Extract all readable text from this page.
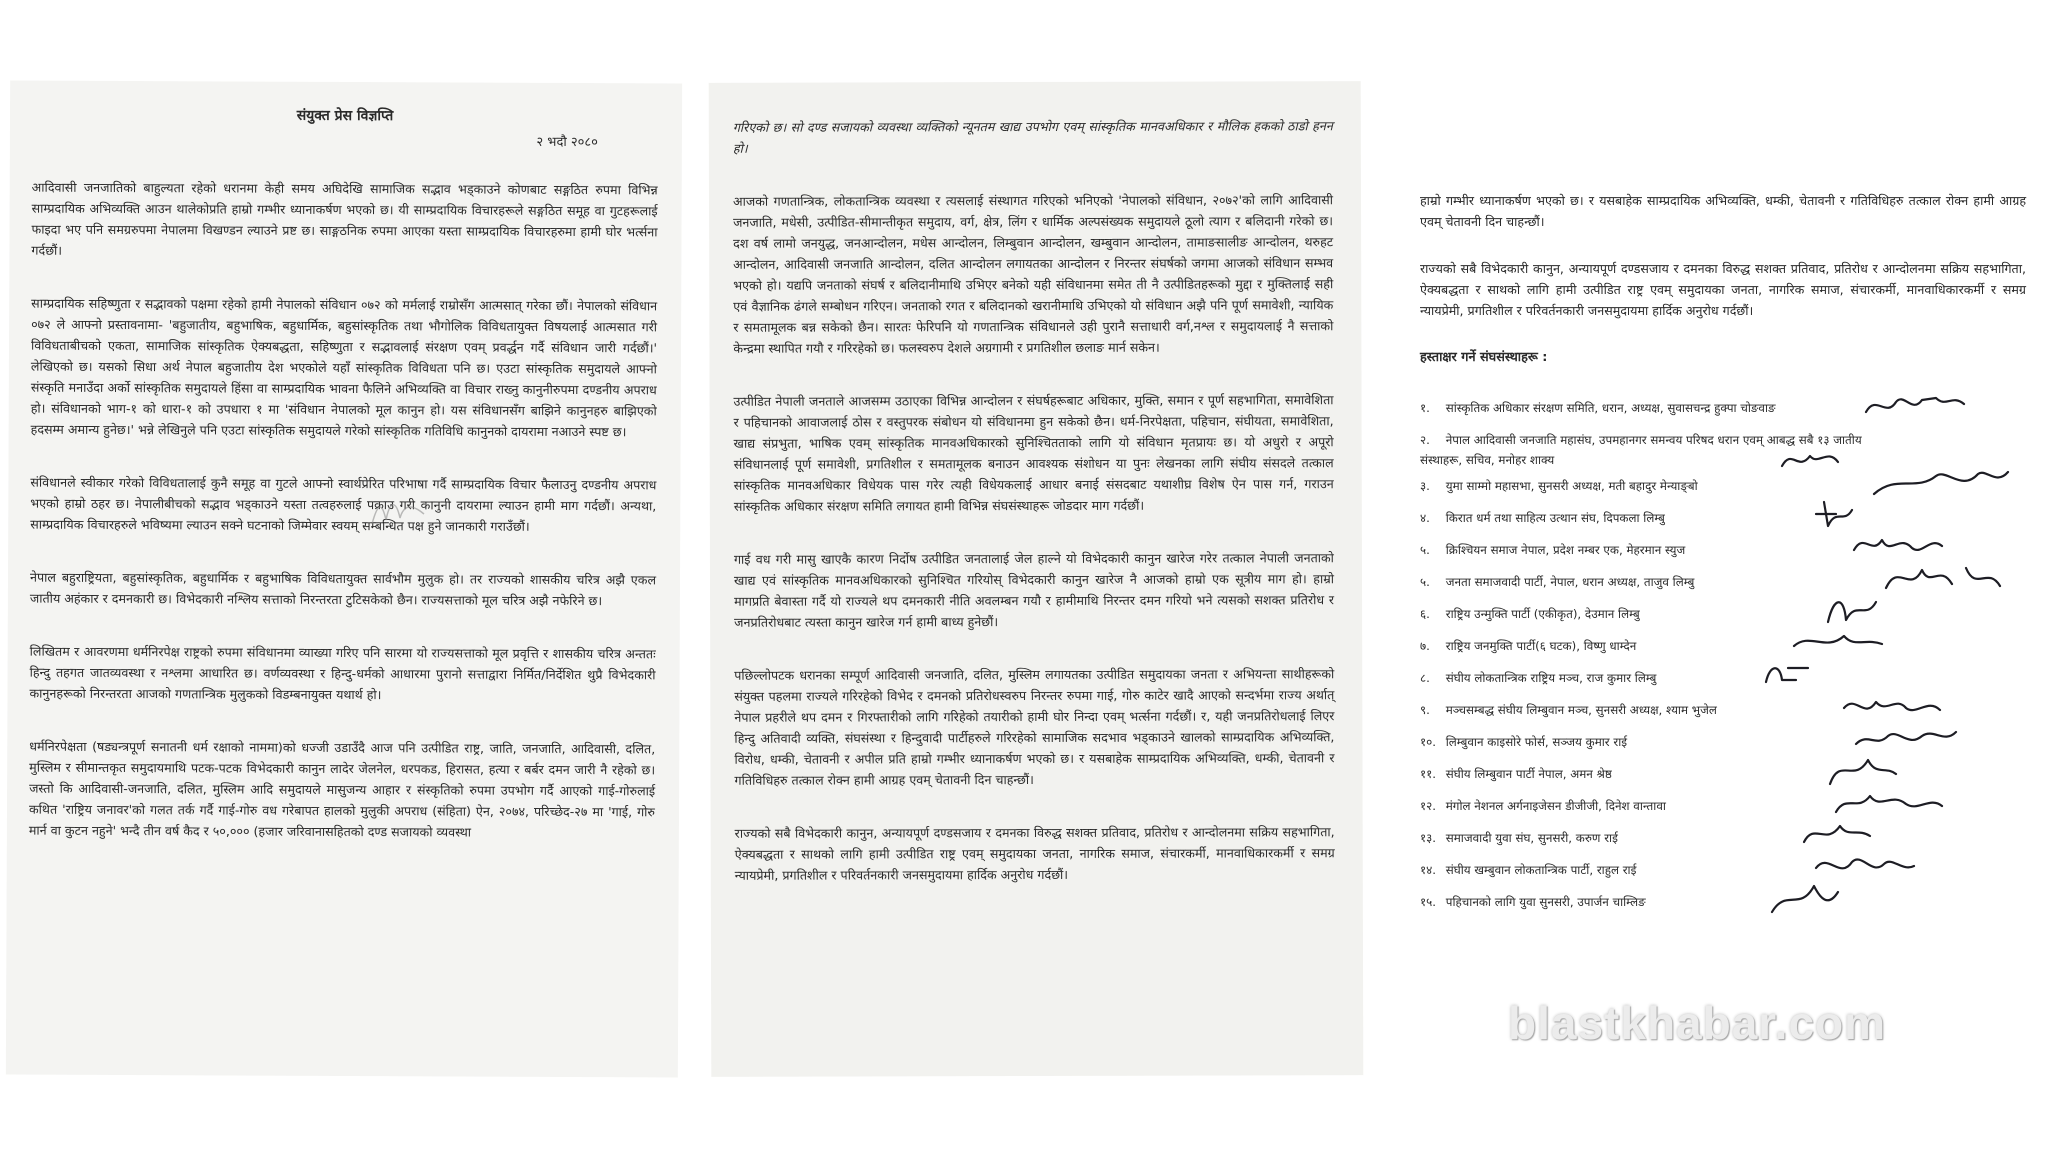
संयुक्त प्रेस विज्ञप्ति
२ भदौ २०८०

आदिवासी जनजातिको बाहुल्यता रहेको धरानमा केही समय अघिदेखि सामाजिक सद्भाव भड्काउने कोणबाट सङ्गठित रुपमा विभिन्न साम्प्रदायिक अभिव्यक्ति आउन थालेकोप्रति हाम्रो गम्भीर ध्यानाकर्षण भएको छ। यी साम्प्रदायिक विचारहरूले सङ्गठित समूह वा गुटहरूलाई फाइदा भए पनि समग्ररुपमा नेपालमा विखण्डन ल्याउने प्रष्ट छ। साङ्गठनिक रुपमा आएका यस्ता साम्प्रदायिक विचारहरुमा हामी घोर भर्त्सना गर्दछौं।

साम्प्रदायिक सहिष्णुता र सद्भावको पक्षमा रहेको हामी नेपालको संविधान ०७२ को मर्मलाई राम्रोसँग आत्मसात् गरेका छौं। नेपालको संविधान ०७२ ले आफ्नो प्रस्तावनामा- 'बहुजातीय, बहुभाषिक, बहुधार्मिक, बहुसांस्कृतिक तथा भौगोलिक विविधतायुक्त विषयलाई आत्मसात गरी विविधताबीचको एकता, सामाजिक सांस्कृतिक ऐक्यबद्धता, सहिष्णुता र सद्भावलाई संरक्षण एवम् प्रवर्द्धन गर्दै संविधान जारी गर्दछौं।' लेखिएको छ। यसको सिधा अर्थ नेपाल बहुजातीय देश भएकोले यहाँ सांस्कृतिक विविधता पनि छ। एउटा सांस्कृतिक समुदायले आफ्नो संस्कृति मनाउँदा अर्को सांस्कृतिक समुदायले हिंसा वा साम्प्रदायिक भावना फैलिने अभिव्यक्ति वा विचार राख्नु कानुनीरुपमा दण्डनीय अपराध हो। संविधानको भाग-१ को धारा-१ को उपधारा १ मा 'संविधान नेपालको मूल कानुन हो। यस संविधानसँग बाझिने कानुनहरु बाझिएको हदसम्म अमान्य हुनेछ।' भन्ने लेखिनुले पनि एउटा सांस्कृतिक समुदायले गरेको सांस्कृतिक गतिविधि कानुनको दायरामा नआउने स्पष्ट छ।

संविधानले स्वीकार गरेको विविधतालाई कुनै समूह वा गुटले आफ्नो स्वार्थप्रेरित परिभाषा गर्दै साम्प्रदायिक विचार फैलाउनु दण्डनीय अपराध भएको हाम्रो ठहर छ। नेपालीबीचको सद्भाव भड्काउने यस्ता तत्वहरुलाई पक्राउ गरी कानुनी दायरामा ल्याउन हामी माग गर्दछौं। अन्यथा, साम्प्रदायिक विचारहरुले भविष्यमा ल्याउन सक्ने घटनाको जिम्मेवार स्वयम् सम्बन्धित पक्ष हुने जानकारी गराउँछौं।

नेपाल बहुराष्ट्रियता, बहुसांस्कृतिक, बहुधार्मिक र बहुभाषिक विविधतायुक्त सार्वभौम मुलुक हो। तर राज्यको शासकीय चरित्र अझै एकल जातीय अहंकार र दमनकारी छ। विभेदकारी नश्लिय सत्ताको निरन्तरता टुटिसकेको छैन। राज्यसत्ताको मूल चरित्र अझै नफेरिने छ।

लिखितम र आवरणमा धर्मनिरपेक्ष राष्ट्रको रुपमा संविधानमा व्याख्या गरिए पनि सारमा यो राज्यसत्ताको मूल प्रवृत्ति र शासकीय चरित्र अन्ततः हिन्दु तहगत जातव्यवस्था र नश्लमा आधारित छ। वर्णव्यवस्था र हिन्दु-धर्मको आधारमा पुरानो सत्ताद्वारा निर्मित/निर्देशित थुप्रै विभेदकारी कानुनहरूको निरन्तरता आजको गणतान्त्रिक मुलुकको विडम्बनायुक्त यथार्थ हो।

धर्मनिरपेक्षता (षड्यन्त्रपूर्ण सनातनी धर्म रक्षाको नाममा)को धज्जी उडाउँदै आज पनि उत्पीडित राष्ट्र, जाति, जनजाति, आदिवासी, दलित, मुस्लिम र सीमान्तकृत समुदायमाथि पटक-पटक विभेदकारी कानुन लादेर जेलनेल, धरपकड, हिरासत, हत्या र बर्बर दमन जारी नै रहेको छ। जस्तो कि आदिवासी-जनजाति, दलित, मुस्लिम आदि समुदायले मासुजन्य आहार र संस्कृतिको रुपमा उपभोग गर्दै आएको गाई-गोरुलाई कथित 'राष्ट्रिय जनावर'को गलत तर्क गर्दै गाई-गोरु वध गरेबापत हालको मुलुकी अपराध (संहिता) ऐन, २०७४, परिच्छेद-२७ मा 'गाई, गोरु मार्न वा कुटन नहुने' भन्दै तीन वर्ष कैद र ५०,००० (हजार जरिवानासहितको दण्ड सजायको व्यवस्था

गरिएको छ। सो दण्ड सजायको व्यवस्था व्यक्तिको न्यूनतम खाद्य उपभोग एवम् सांस्कृतिक मानवअधिकार र मौलिक हकको ठाडो हनन हो।

आजको गणतान्त्रिक, लोकतान्त्रिक व्यवस्था र त्यसलाई संस्थागत गरिएको भनिएको 'नेपालको संविधान, २०७२'को लागि आदिवासी जनजाति, मधेसी, उत्पीडित-सीमान्तीकृत समुदाय, वर्ग, क्षेत्र, लिंग र धार्मिक अल्पसंख्यक समुदायले ठूलो त्याग र बलिदानी गरेको छ। दश वर्ष लामो जनयुद्ध, जनआन्दोलन, मधेस आन्दोलन, लिम्बुवान आन्दोलन, खम्बुवान आन्दोलन, तामाङसालीङ आन्दोलन, थरुहट आन्दोलन, आदिवासी जनजाति आन्दोलन, दलित आन्दोलन लगायतका आन्दोलन र निरन्तर संघर्षको जगमा आजको संविधान सम्भव भएको हो। यद्यपि जनताको संघर्ष र बलिदानीमाथि उभिएर बनेको यही संविधानमा समेत ती नै उत्पीडितहरूको मुद्दा र मुक्तिलाई सही एवं वैज्ञानिक ढंगले सम्बोधन गरिएन। जनताको रगत र बलिदानको खरानीमाथि उभिएको यो संविधान अझै पनि पूर्ण समावेशी, न्यायिक र समतामूलक बन्न सकेको छैन। सारतः फेरिपनि यो गणतान्त्रिक संविधानले उही पुरानै सत्ताधारी वर्ग,नश्ल र समुदायलाई नै सत्ताको केन्द्रमा स्थापित गयौ र गरिरहेको छ। फलस्वरुप देशले अग्रगामी र प्रगतिशील छलाङ मार्न सकेन।

उत्पीडित नेपाली जनताले आजसम्म उठाएका विभिन्न आन्दोलन र संघर्षहरूबाट अधिकार, मुक्ति, समान र पूर्ण सहभागिता, समावेशिता र पहिचानको आवाजलाई ठोस र वस्तुपरक संबोधन यो संविधानमा हुन सकेको छैन। धर्म-निरपेक्षता, पहिचान, संघीयता, समावेशिता, खाद्य संप्रभुता, भाषिक एवम् सांस्कृतिक मानवअधिकारको सुनिश्चितताको लागि यो संविधान मृतप्रायः छ। यो अधुरो र अपूरो संविधानलाई पूर्ण समावेशी, प्रगतिशील र समतामूलक बनाउन आवश्यक संशोधन या पुनः लेखनका लागि संघीय संसदले तत्काल सांस्कृतिक मानवअधिकार विधेयक पास गरेर त्यही विधेयकलाई आधार बनाई संसदबाट यथाशीघ्र विशेष ऐन पास गर्न, गराउन सांस्कृतिक अधिकार संरक्षण समिति लगायत हामी विभिन्न संघसंस्थाहरू जोडदार माग गर्दछौं।

गाई वध गरी मासु खाएकै कारण निर्दोष उत्पीडित जनतालाई जेल हाल्ने यो विभेदकारी कानुन खारेज गरेर तत्काल नेपाली जनताको खाद्य एवं सांस्कृतिक मानवअधिकारको सुनिश्चित गरियोस् विभेदकारी कानुन खारेज नै आजको हाम्रो एक सूत्रीय माग हो। हाम्रो मागप्रति बेवास्ता गर्दै यो राज्यले थप दमनकारी नीति अवलम्बन गयौ र हामीमाथि निरन्तर दमन गरियो भने त्यसको सशक्त प्रतिरोध र जनप्रतिरोधबाट त्यस्ता कानुन खारेज गर्न हामी बाध्य हुनेछौं।

पछिल्लोपटक धरानका सम्पूर्ण आदिवासी जनजाति, दलित, मुस्लिम लगायतका उत्पीडित समुदायका जनता र अभियन्ता साथीहरूको संयुक्त पहलमा राज्यले गरिरहेको विभेद र दमनको प्रतिरोधस्वरुप निरन्तर रुपमा गाई, गोरु काटेर खादै आएको सन्दर्भमा राज्य अर्थात् नेपाल प्रहरीले थप दमन र गिरफ्तारीको लागि गरिहेको तयारीको हामी घोर निन्दा एवम् भर्त्सना गर्दछौं। र, यही जनप्रतिरोधलाई लिएर हिन्दु अतिवादी व्यक्ति, संघसंस्था र हिन्दुवादी पार्टीहरुले गरिरहेको सामाजिक सदभाव भड्काउने खालको साम्प्रदायिक अभिव्यक्ति, विरोध, धम्की, चेतावनी र अपील प्रति हाम्रो गम्भीर ध्यानाकर्षण भएको छ। र यसबाहेक साम्प्रदायिक अभिव्यक्ति, धम्की, चेतावनी र गतिविधिहरु तत्काल रोक्न हामी आग्रह एवम् चेतावनी दिन चाहन्छौं।

राज्यको सबै विभेदकारी कानुन, अन्यायपूर्ण दण्डसजाय र दमनका विरुद्ध सशक्त प्रतिवाद, प्रतिरोध र आन्दोलनमा सक्रिय सहभागिता, ऐक्यबद्धता र साथको लागि हामी उत्पीडित राष्ट्र एवम् समुदायका जनता, नागरिक समाज, संचारकर्मी, मानवाधिकारकर्मी र समग्र न्यायप्रेमी, प्रगतिशील र परिवर्तनकारी जनसमुदायमा हार्दिक अनुरोध गर्दछौं।

हाम्रो गम्भीर ध्यानाकर्षण भएको छ। र यसबाहेक साम्प्रदायिक अभिव्यक्ति, धम्की, चेतावनी र गतिविधिहरु तत्काल रोक्न हामी आग्रह एवम् चेतावनी दिन चाहन्छौं।

राज्यको सबै विभेदकारी कानुन, अन्यायपूर्ण दण्डसजाय र दमनका विरुद्ध सशक्त प्रतिवाद, प्रतिरोध र आन्दोलनमा सक्रिय सहभागिता, ऐक्यबद्धता र साथको लागि हामी उत्पीडित राष्ट्र एवम् समुदायका जनता, नागरिक समाज, संचारकर्मी, मानवाधिकारकर्मी र समग्र न्यायप्रेमी, प्रगतिशील र परिवर्तनकारी जनसमुदायमा हार्दिक अनुरोध गर्दछौं।

हस्ताक्षर गर्ने संघसंस्थाहरू :
१. सांस्कृतिक अधिकार संरक्षण समिति, धरान, अध्यक्ष, सुवासचन्द्र हुक्पा चोङवाङ
२. नेपाल आदिवासी जनजाति महासंघ, उपमहानगर समन्वय परिषद धरान एवम् आबद्ध सबै १३ जातीय संस्थाहरू, सचिव, मनोहर शाक्य
३. युमा साम्मो महासभा, सुनसरी अध्यक्ष, मती बहादुर मेन्याङ्बो
४. किरात धर्म तथा साहित्य उत्थान संघ, दिपकला लिम्बु
५. क्रिश्चियन समाज नेपाल, प्रदेश नम्बर एक, मेहरमान स्युज
५. जनता समाजवादी पार्टी, नेपाल, धरान अध्यक्ष, ताजुव लिम्बु
६. राष्ट्रिय उन्मुक्ति पार्टी (एकीकृत), देउमान लिम्बु
७. राष्ट्रिय जनमुक्ति पार्टी(६ घटक), विष्णु धाम्देन
८. संघीय लोकतान्त्रिक राष्ट्रिय मञ्च, राज कुमार लिम्बु
९. मञ्चसम्बद्ध संघीय लिम्बुवान मञ्च, सुनसरी अध्यक्ष, श्याम भुजेल
१०. लिम्बुवान काइसोरे फोर्स, सञ्जय कुमार राई
११. संघीय लिम्बुवान पार्टी नेपाल, अमन श्रेष्ठ
१२. मंगोल नेशनल अर्गनाइजेसन डीजीजी, दिनेश वान्तावा
१३. समाजवादी युवा संघ, सुनसरी, करुण राई
१४. संघीय खम्बुवान लोकतान्त्रिक पार्टी, राहुल राई
१५. पहिचानको लागि युवा सुनसरी, उपार्जन चाम्लिङ
blastkhabar.com
